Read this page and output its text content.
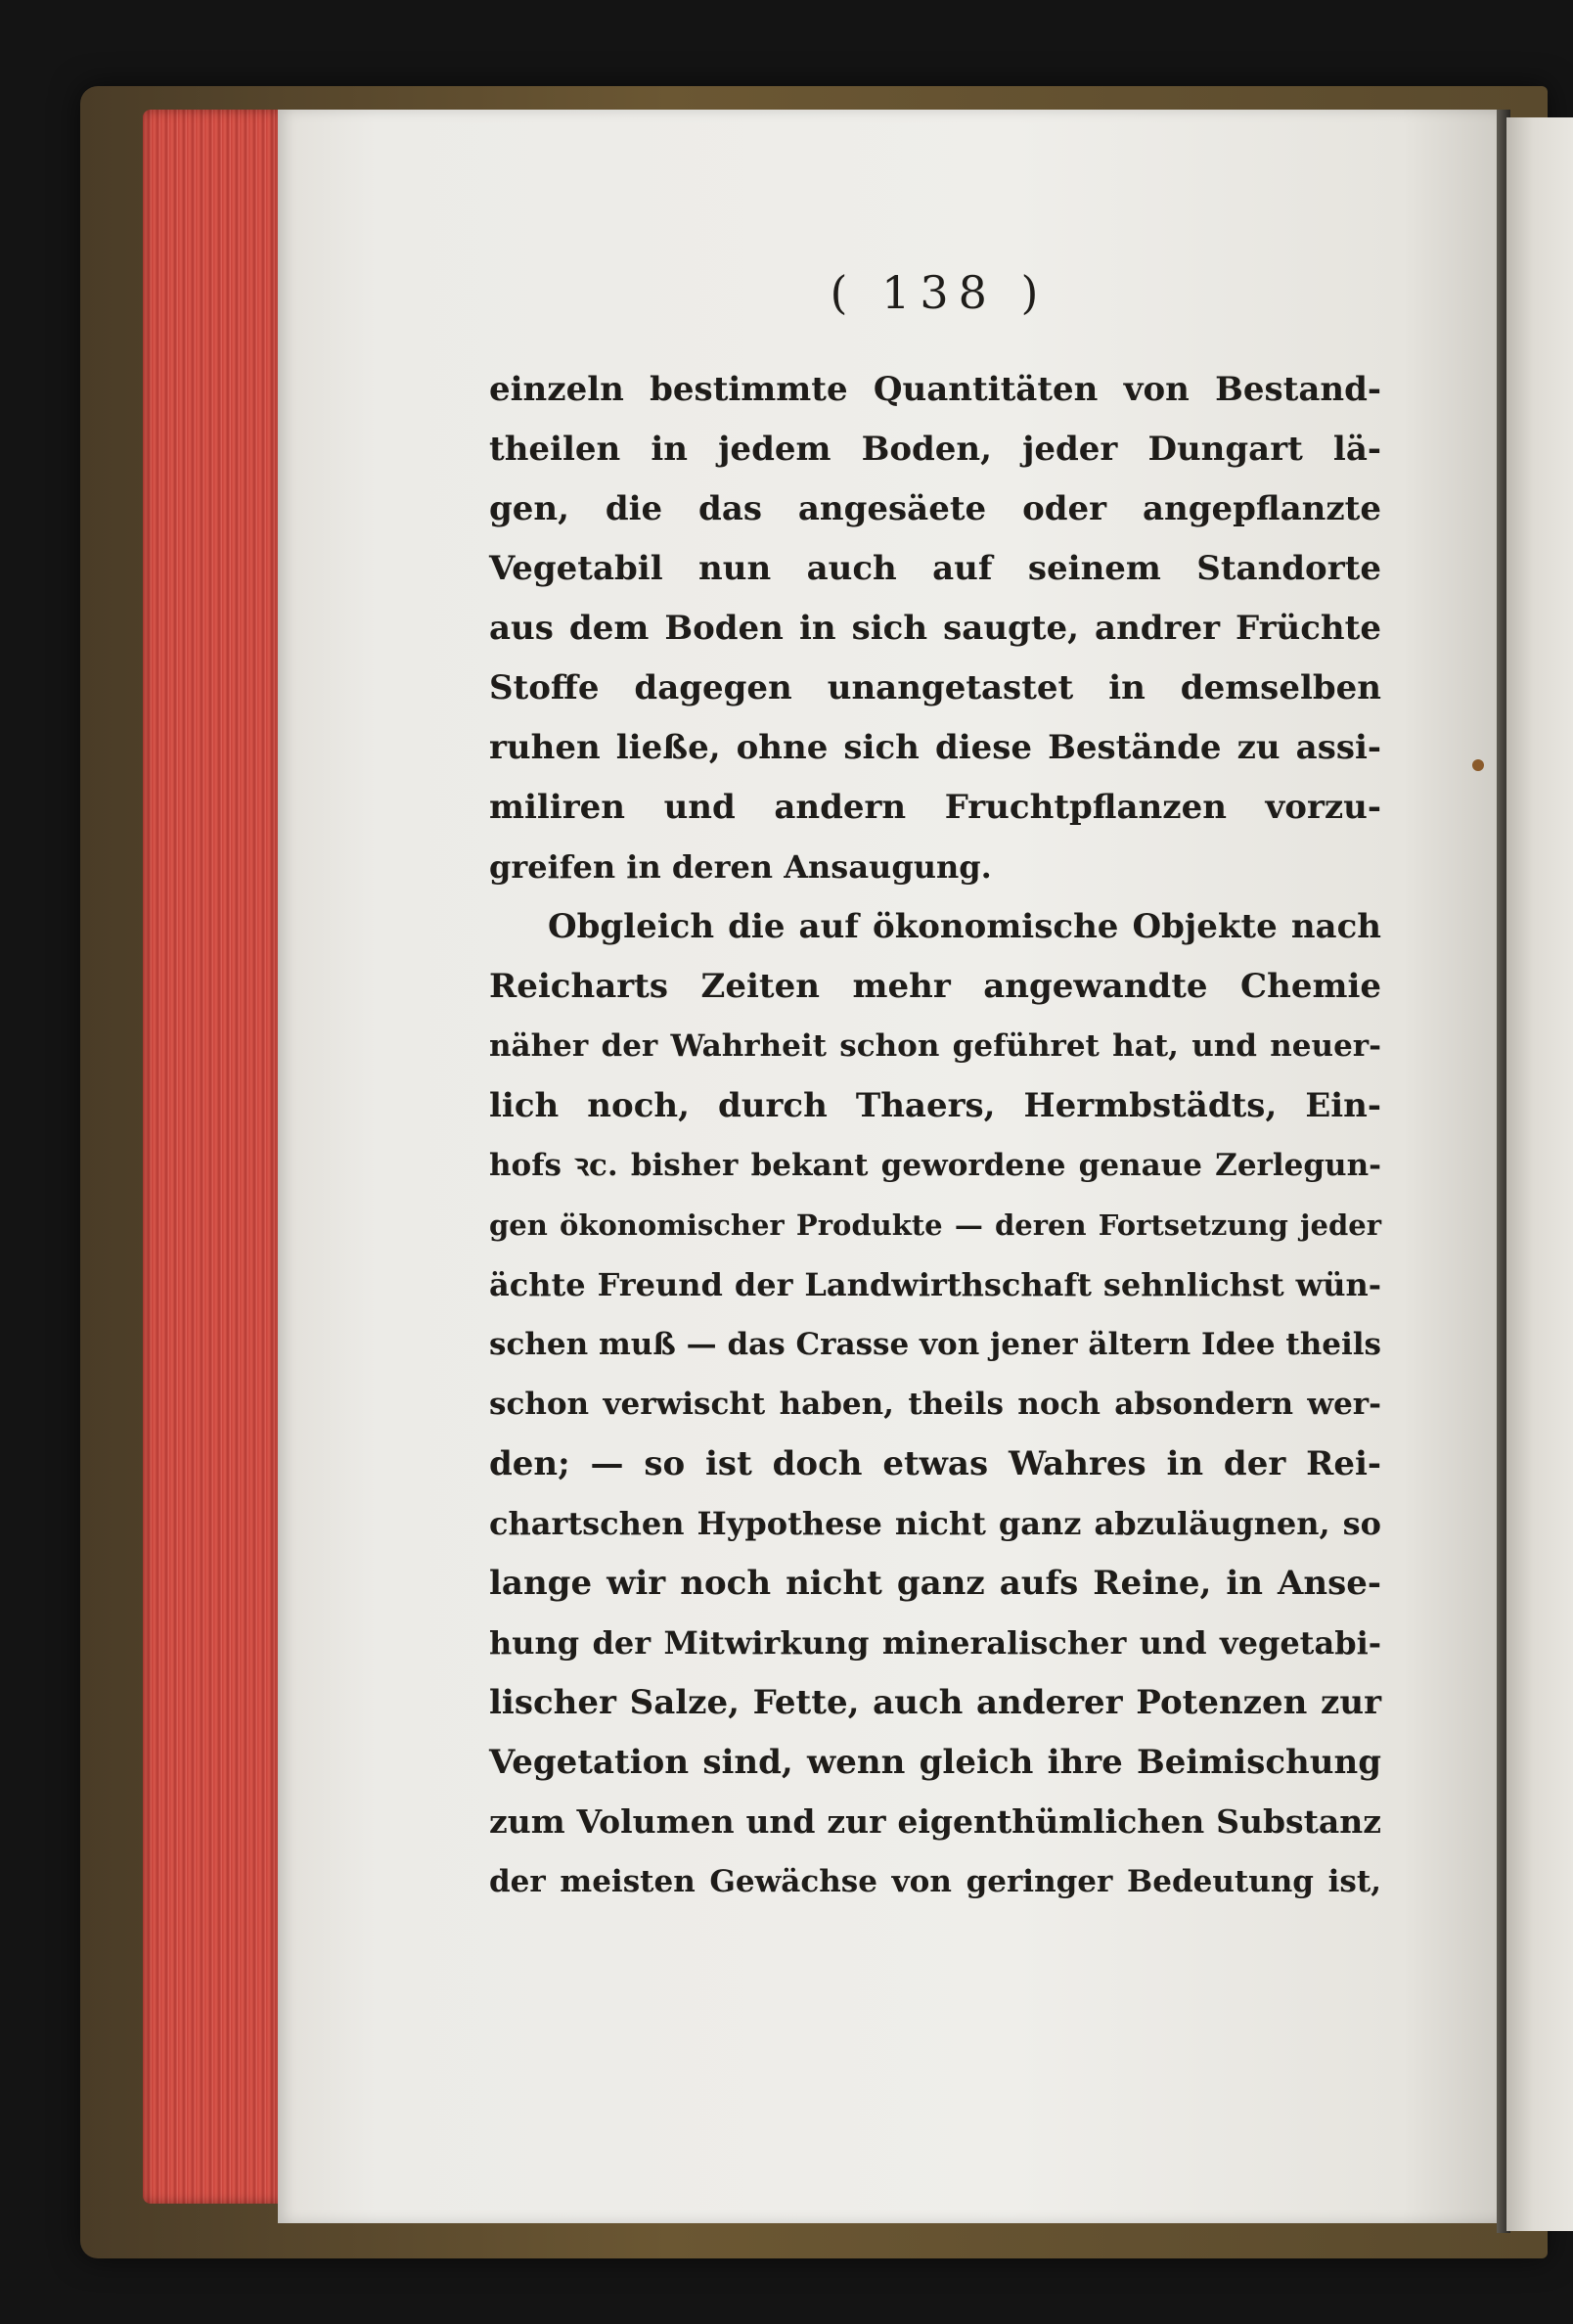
( 138 )
einzeln bestimmte Quantitäten von Bestand-
theilen in jedem Boden, jeder Dungart lä-
gen, die das angesäete oder angepflanzte
Vegetabil nun auch auf seinem Standorte
aus dem Boden in sich saugte, andrer Früchte
Stoffe dagegen unangetastet in demselben
ruhen ließe, ohne sich diese Bestände zu assi-
miliren und andern Fruchtpflanzen vorzu-
greifen in deren Ansaugung.
Obgleich die auf ökonomische Objekte nach
Reicharts Zeiten mehr angewandte Chemie
näher der Wahrheit schon geführet hat, und neuer-
lich noch, durch Thaers, Hermbstädts, Ein-
hofs ꝛc. bisher bekant gewordene genaue Zerlegun-
gen ökonomischer Produkte — deren Fortsetzung jeder
ächte Freund der Landwirthschaft sehnlichst wün-
schen muß — das Crasse von jener ältern Idee theils
schon verwischt haben, theils noch absondern wer-
den; — so ist doch etwas Wahres in der Rei-
chartschen Hypothese nicht ganz abzuläugnen, so
lange wir noch nicht ganz aufs Reine, in Anse-
hung der Mitwirkung mineralischer und vegetabi-
lischer Salze, Fette, auch anderer Potenzen zur
Vegetation sind, wenn gleich ihre Beimischung
zum Volumen und zur eigenthümlichen Substanz
der meisten Gewächse von geringer Bedeutung ist,
